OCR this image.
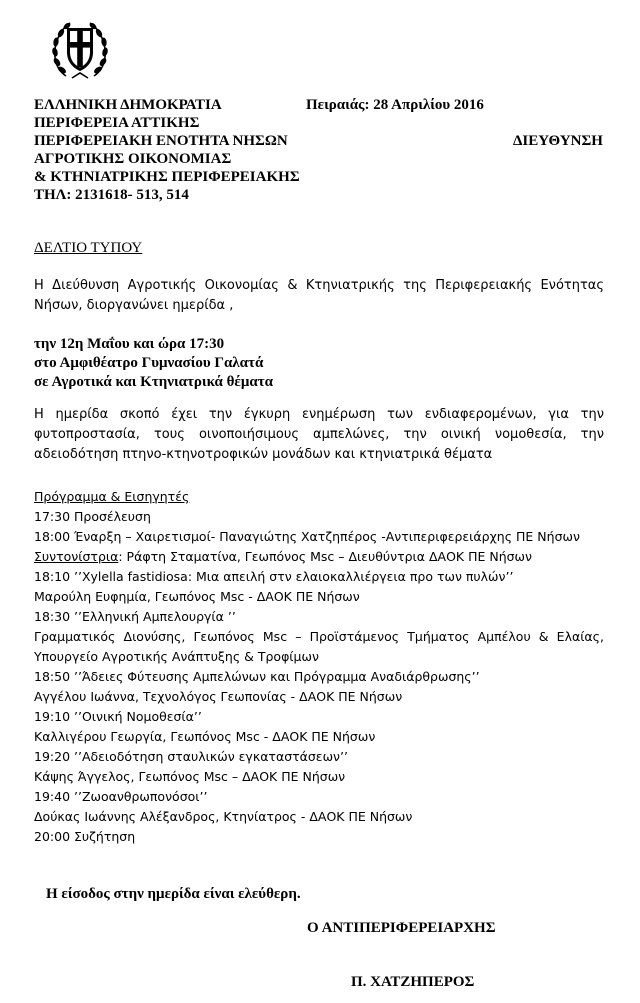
ΕΛΛΗΝΙΚΗ ΔΗΜΟΚΡΑΤΙΑ	Πειραιάς: 28 Απριλίου 2016
ΠΕΡΙΦΕΡΕΙΑ ΑΤΤΙΚΗΣ
ΠΕΡΙΦΕΡΕΙΑΚΗ ΕΝΟΤΗΤΑ ΝΗΣΩΝ	ΔΙΕΥΘΥΝΣΗ
ΑΓΡΟΤΙΚΗΣ ΟΙΚΟΝΟΜΙΑΣ
& ΚΤΗΝΙΑΤΡΙΚΗΣ ΠΕΡΙΦΕΡΕΙΑΚΗΣ
ΤΗΛ: 2131618- 513, 514
ΔΕΛΤΙΟ ΤΥΠΟΥ
Η Διεύθυνση Αγροτικής Οικονομίας & Κτηνιατρικής της Περιφερειακής Ενότητας Νήσων, διοργανώνει ημερίδα ,
την 12η Μαΐου και ώρα 17:30
στο Αμφιθέατρο Γυμνασίου Γαλατά
σε Αγροτικά και Κτηνιατρικά θέματα
Η ημερίδα σκοπό έχει την έγκυρη ενημέρωση των ενδιαφερομένων, για την φυτοπροστασία, τους οινοποιήσιμους αμπελώνες, την οινική νομοθεσία, την αδειοδότηση πτηνο-κτηνοτροφικών μονάδων και κτηνιατρικά θέματα
Πρόγραμμα & Εισηγητές
17:30 Προσέλευση
18:00 Έναρξη – Χαιρετισμοί- Παναγιώτης Χατζηπέρος -Αντιπεριφερειάρχης ΠΕ Νήσων
Συντονίστρια: Ράφτη Σταματίνα, Γεωπόνος Msc – Διευθύντρια ΔΑΟΚ ΠΕ Νήσων
18:10 ’’Xylella fastidiosa: Μια απειλή στν ελαιοκαλλιέργεια προ των πυλών’’
Μαρούλη Ευφημία, Γεωπόνος Msc - ΔΑΟΚ ΠΕ Νήσων
18:30 ’’Ελληνική Αμπελουργία ’’
Γραμματικός Διονύσης, Γεωπόνος Msc – Προϊστάμενος Τμήματος Αμπέλου & Ελαίας, Υπουργείο Αγροτικής Ανάπτυξης & Τροφίμων
18:50 ’’Άδειες Φύτευσης Αμπελώνων και Πρόγραμμα Αναδιάρθρωσης’’
Αγγέλου Ιωάννα, Τεχνολόγος Γεωπονίας - ΔΑΟΚ ΠΕ Νήσων
19:10 ’’Οινική Νομοθεσία’’
Καλλιγέρου Γεωργία, Γεωπόνος Msc - ΔΑΟΚ ΠΕ Νήσων
19:20 ’’Αδειοδότηση σταυλικών εγκαταστάσεων’’
Κάψης Άγγελος, Γεωπόνος Msc – ΔΑΟΚ ΠΕ Νήσων
19:40 ’’Ζωοανθρωπονόσοι’’
Δούκας Ιωάννης Αλέξανδρος, Κτηνίατρος - ΔΑΟΚ ΠΕ Νήσων
20:00 Συζήτηση
Η είσοδος στην ημερίδα είναι ελεύθερη.
Ο ΑΝΤΙΠΕΡΙΦΕΡΕΙΑΡΧΗΣ
Π. ΧΑΤΖΗΠΕΡΟΣ
